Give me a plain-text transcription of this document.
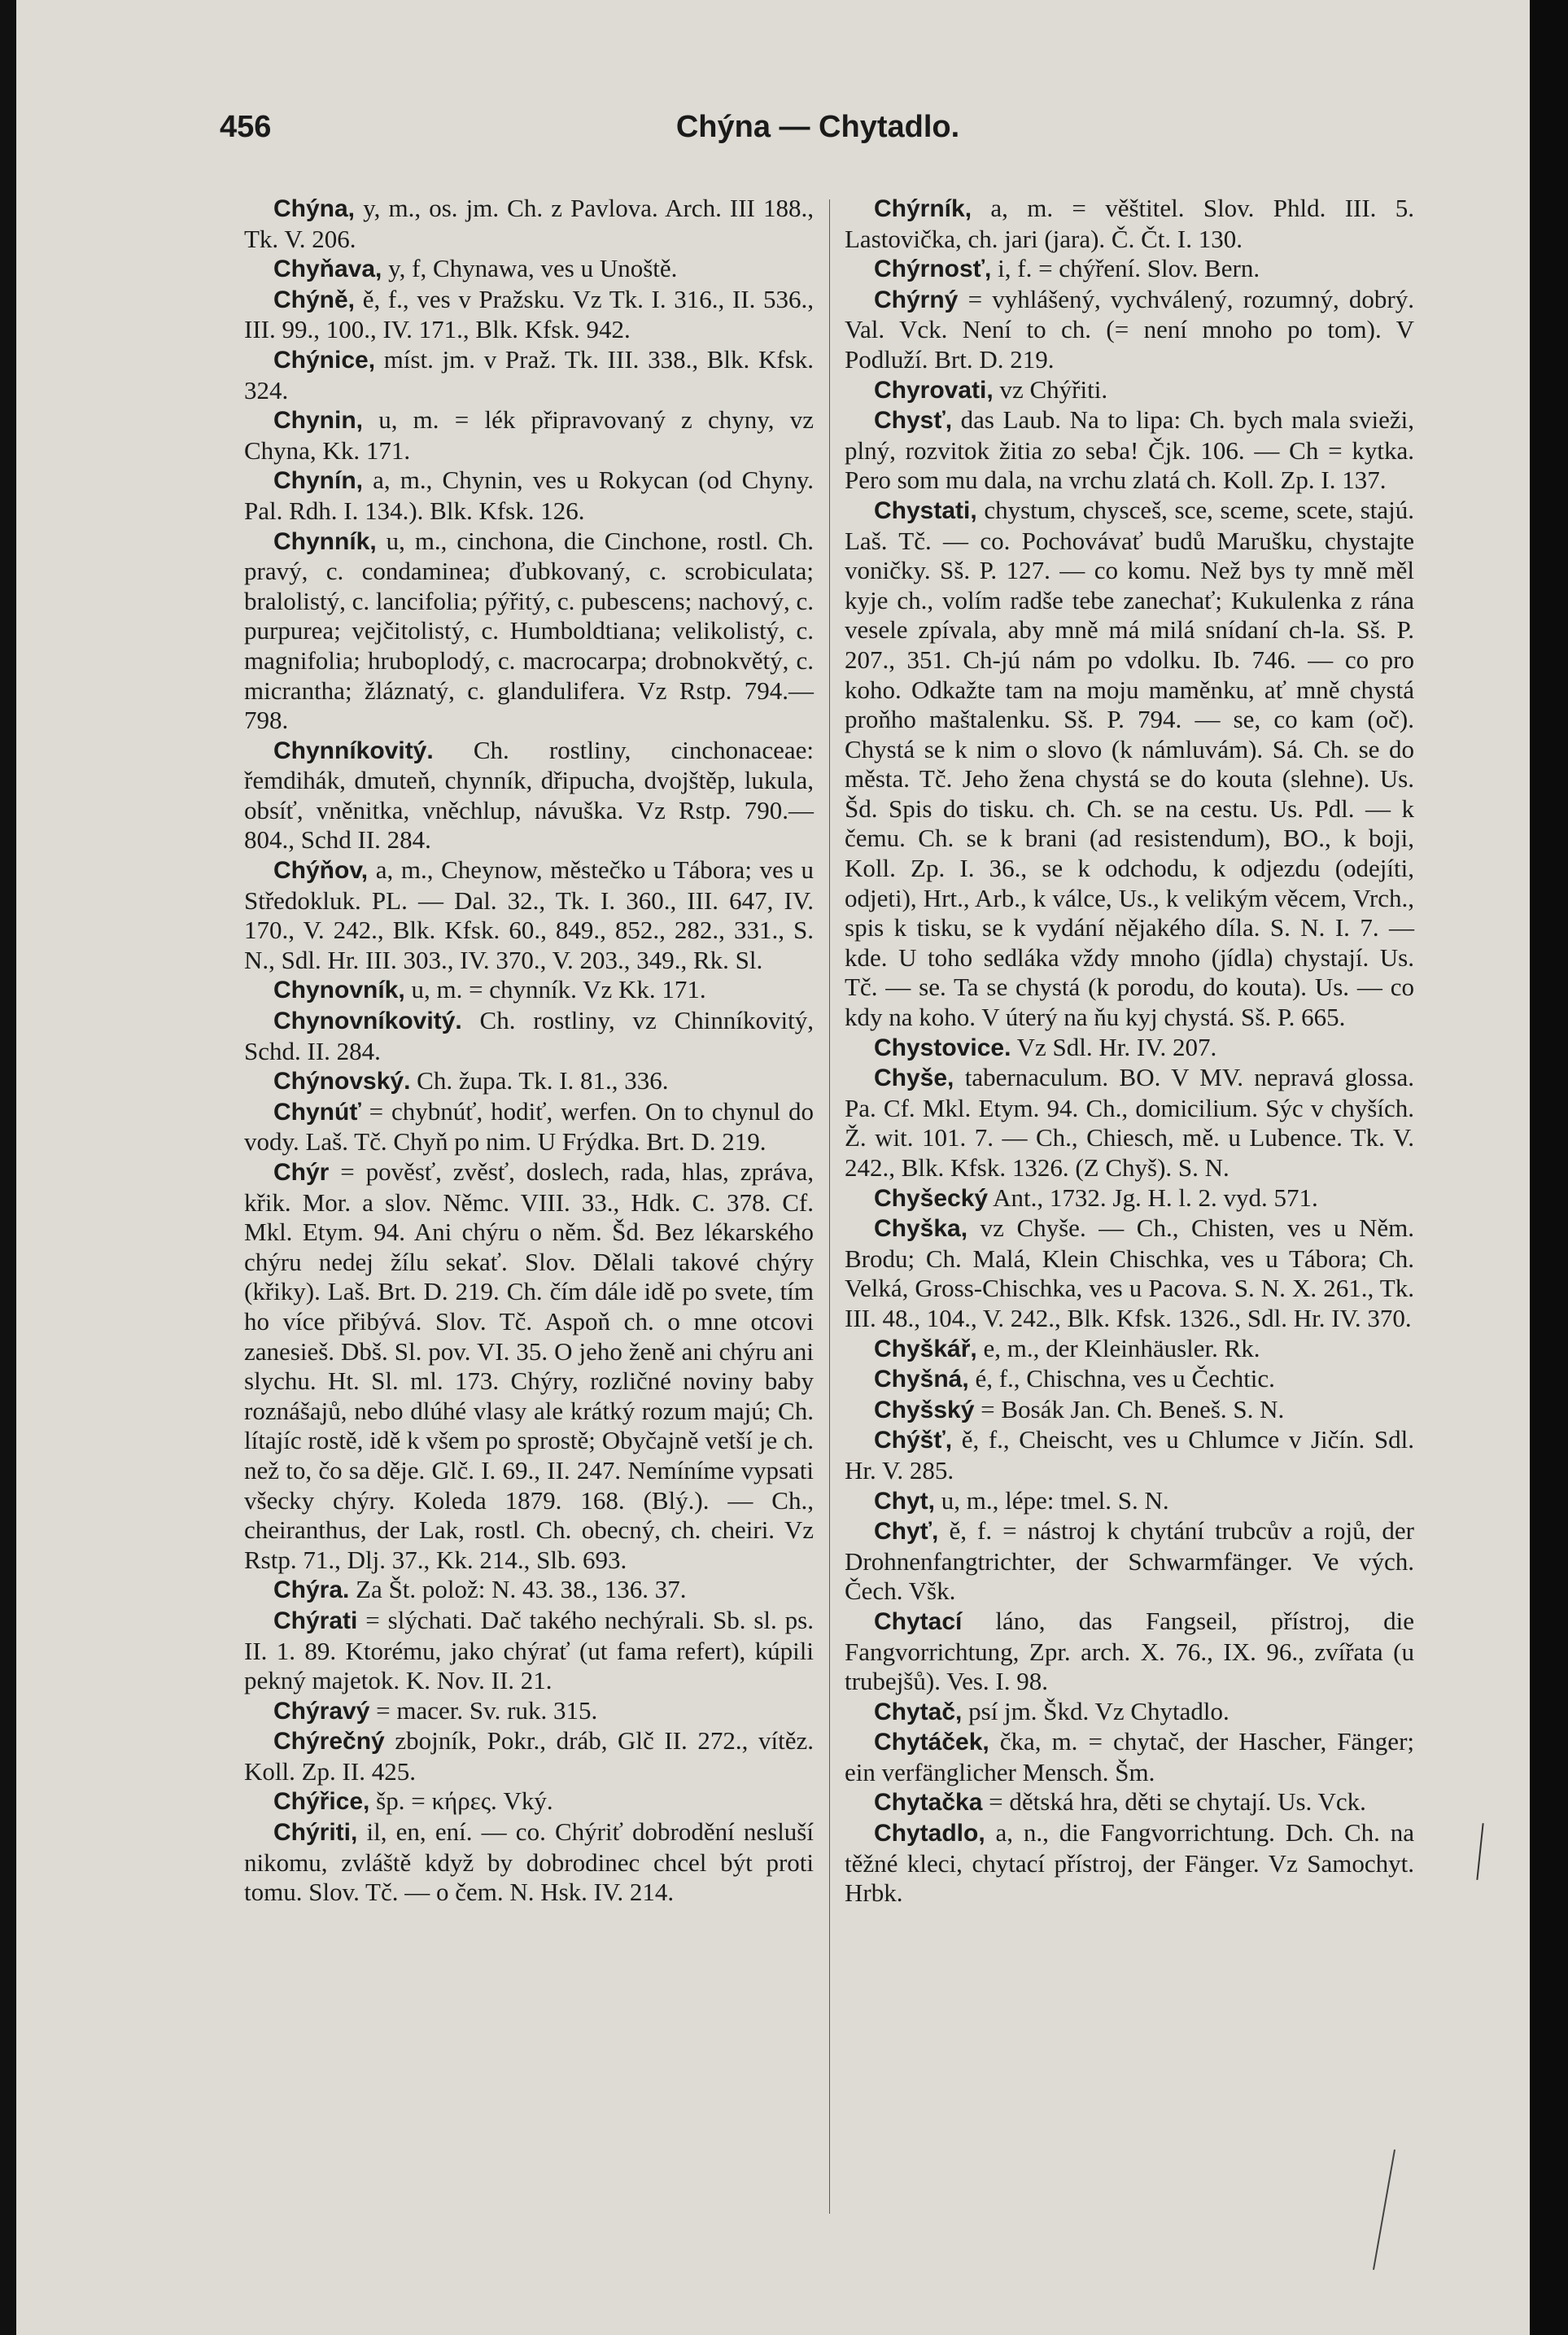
456	Chýna — Chytadlo.

Chýna, y, m., os. jm. Ch. z Pavlova. Arch. III 188., Tk. V. 206.

Chyňava, y, f, Chynawa, ves u Unoště.

Chýně, ě, f., ves v Pražsku. Vz Tk. I. 316., II. 536., III. 99., 100., IV. 171., Blk. Kfsk. 942.

Chýnice, míst. jm. v Praž. Tk. III. 338., Blk. Kfsk. 324.

Chynin, u, m. = lék připravovaný z chyny, vz Chyna, Kk. 171.

Chynín, a, m., Chynin, ves u Rokycan (od Chyny. Pal. Rdh. I. 134.). Blk. Kfsk. 126.

Chynník, u, m., cinchona, die Cinchone, rostl. Ch. pravý, c. condaminea; ďubkovaný, c. scrobiculata; bralolistý, c. lancifolia; pýřitý, c. pubescens; nachový, c. purpurea; vejčitolistý, c. Humboldtiana; velikolistý, c. magnifolia; hruboplodý, c. macrocarpa; drobnokvětý, c. micrantha; žláznatý, c. glandulifera. Vz Rstp. 794.—798.

Chynníkovitý. Ch. rostliny, cinchonaceae: řemdihák, dmuteň, chynník, dřipucha, dvojštěp, lukula, obsíť, vněnitka, vněchlup, návuška. Vz Rstp. 790.—804., Schd II. 284.

Chýňov, a, m., Cheynow, městečko u Tábora; ves u Středokluk. PL. — Dal. 32., Tk. I. 360., III. 647, IV. 170., V. 242., Blk. Kfsk. 60., 849., 852., 282., 331., S. N., Sdl. Hr. III. 303., IV. 370., V. 203., 349., Rk. Sl.

Chynovník, u, m. = chynník. Vz Kk. 171.

Chynovníkovitý. Ch. rostliny, vz Chinníkovitý, Schd. II. 284.

Chýnovský. Ch. župa. Tk. I. 81., 336.

Chynúť = chybnúť, hodiť, werfen. On to chynul do vody. Laš. Tč. Chyň po nim. U Frýdka. Brt. D. 219.

Chýr = pověsť, zvěsť, doslech, rada, hlas, zpráva, křik. Mor. a slov. Němc. VIII. 33., Hdk. C. 378. Cf. Mkl. Etym. 94. Ani chýru o něm. Šd. Bez lékarského chýru nedej žílu sekať. Slov. Dělali takové chýry (křiky). Laš. Brt. D. 219. Ch. čím dále idě po svete, tím ho více přibývá. Slov. Tč. Aspoň ch. o mne otcovi zanesieš. Dbš. Sl. pov. VI. 35. O jeho ženě ani chýru ani slychu. Ht. Sl. ml. 173. Chýry, rozličné noviny baby roznášajů, nebo dlúhé vlasy ale krátký rozum majú; Ch. lítajíc rostě, idě k všem po sprostě; Obyčajně vetší je ch. než to, čo sa děje. Glč. I. 69., II. 247. Nemíníme vypsati všecky chýry. Koleda 1879. 168. (Blý.). — Ch., cheiranthus, der Lak, rostl. Ch. obecný, ch. cheiri. Vz Rstp. 71., Dlj. 37., Kk. 214., Slb. 693.

Chýra. Za Št. polož: N. 43. 38., 136. 37.

Chýrati = slýchati. Dač takého nechýrali. Sb. sl. ps. II. 1. 89. Ktorému, jako chýrať (ut fama refert), kúpili pekný majetok. K. Nov. II. 21.

Chýravý = macer. Sv. ruk. 315.

Chýrečný zbojník, Pokr., dráb, Glč II. 272., vítěz. Koll. Zp. II. 425.

Chýřice, šp. = κήρες. Vký.

Chýriti, il, en, ení. — co. Chýriť dobrodění nesluší nikomu, zvláště když by dobrodinec chcel být proti tomu. Slov. Tč. — o čem. N. Hsk. IV. 214.

Chýrník, a, m. = věštitel. Slov. Phld. III. 5. Lastovička, ch. jari (jara). Č. Čt. I. 130.

Chýrnosť, i, f. = chýření. Slov. Bern.

Chýrný = vyhlášený, vychválený, rozumný, dobrý. Val. Vck. Není to ch. (= není mnoho po tom). V Podluží. Brt. D. 219.

Chyrovati, vz Chýřiti.

Chysť, das Laub. Na to lipa: Ch. bych mala svieži, plný, rozvitok žitia zo seba! Čjk. 106. — Ch = kytka. Pero som mu dala, na vrchu zlatá ch. Koll. Zp. I. 137.

Chystati, chystum, chysceš, sce, sceme, scete, stajú. Laš. Tč. — co. Pochovávať budů Marušku, chystajte voničky. Sš. P. 127. — co komu. Než bys ty mně měl kyje ch., volím radše tebe zanechať; Kukulenka z rána vesele zpívala, aby mně má milá snídaní ch-la. Sš. P. 207., 351. Ch-jú nám po vdolku. Ib. 746. — co pro koho. Odkažte tam na moju maměnku, ať mně chystá proňho maštalenku. Sš. P. 794. — se, co kam (oč). Chystá se k nim o slovo (k námluvám). Sá. Ch. se do města. Tč. Jeho žena chystá se do kouta (slehne). Us. Šd. Spis do tisku. ch. Ch. se na cestu. Us. Pdl. — k čemu. Ch. se k brani (ad resistendum), BO., k boji, Koll. Zp. I. 36., se k odchodu, k odjezdu (odejíti, odjeti), Hrt., Arb., k válce, Us., k velikým věcem, Vrch., spis k tisku, se k vydání nějakého díla. S. N. I. 7. — kde. U toho sedláka vždy mnoho (jídla) chystají. Us. Tč. — se. Ta se chystá (k porodu, do kouta). Us. — co kdy na koho. V úterý na ňu kyj chystá. Sš. P. 665.

Chystovice. Vz Sdl. Hr. IV. 207.

Chyše, tabernaculum. BO. V MV. nepravá glossa. Pa. Cf. Mkl. Etym. 94. Ch., domicilium. Sýc v chyších. Ž. wit. 101. 7. — Ch., Chiesch, mě. u Lubence. Tk. V. 242., Blk. Kfsk. 1326. (Z Chyš). S. N.

Chyšecký Ant., 1732. Jg. H. l. 2. vyd. 571.

Chyška, vz Chyše. — Ch., Chisten, ves u Něm. Brodu; Ch. Malá, Klein Chischka, ves u Tábora; Ch. Velká, Gross-Chischka, ves u Pacova. S. N. X. 261., Tk. III. 48., 104., V. 242., Blk. Kfsk. 1326., Sdl. Hr. IV. 370.

Chyškář, e, m., der Kleinhäusler. Rk.

Chyšná, é, f., Chischna, ves u Čechtic.

Chyšský = Bosák Jan. Ch. Beneš. S. N.

Chýšť, ě, f., Cheischt, ves u Chlumce v Jičín. Sdl. Hr. V. 285.

Chyt, u, m., lépe: tmel. S. N.

Chyť, ě, f. = nástroj k chytání trubcův a rojů, der Drohnenfangtrichter, der Schwarmfänger. Ve vých. Čech. Všk.

Chytací láno, das Fangseil, přístroj, die Fangvorrichtung, Zpr. arch. X. 76., IX. 96., zvířata (u trubejšů). Ves. I. 98.

Chytač, psí jm. Škd. Vz Chytadlo.

Chytáček, čka, m. = chytač, der Hascher, Fänger; ein verfänglicher Mensch. Šm.

Chytačka = dětská hra, děti se chytají. Us. Vck.

Chytadlo, a, n., die Fangvorrichtung. Dch. Ch. na těžné kleci, chytací přístroj, der Fänger. Vz Samochyt. Hrbk.
